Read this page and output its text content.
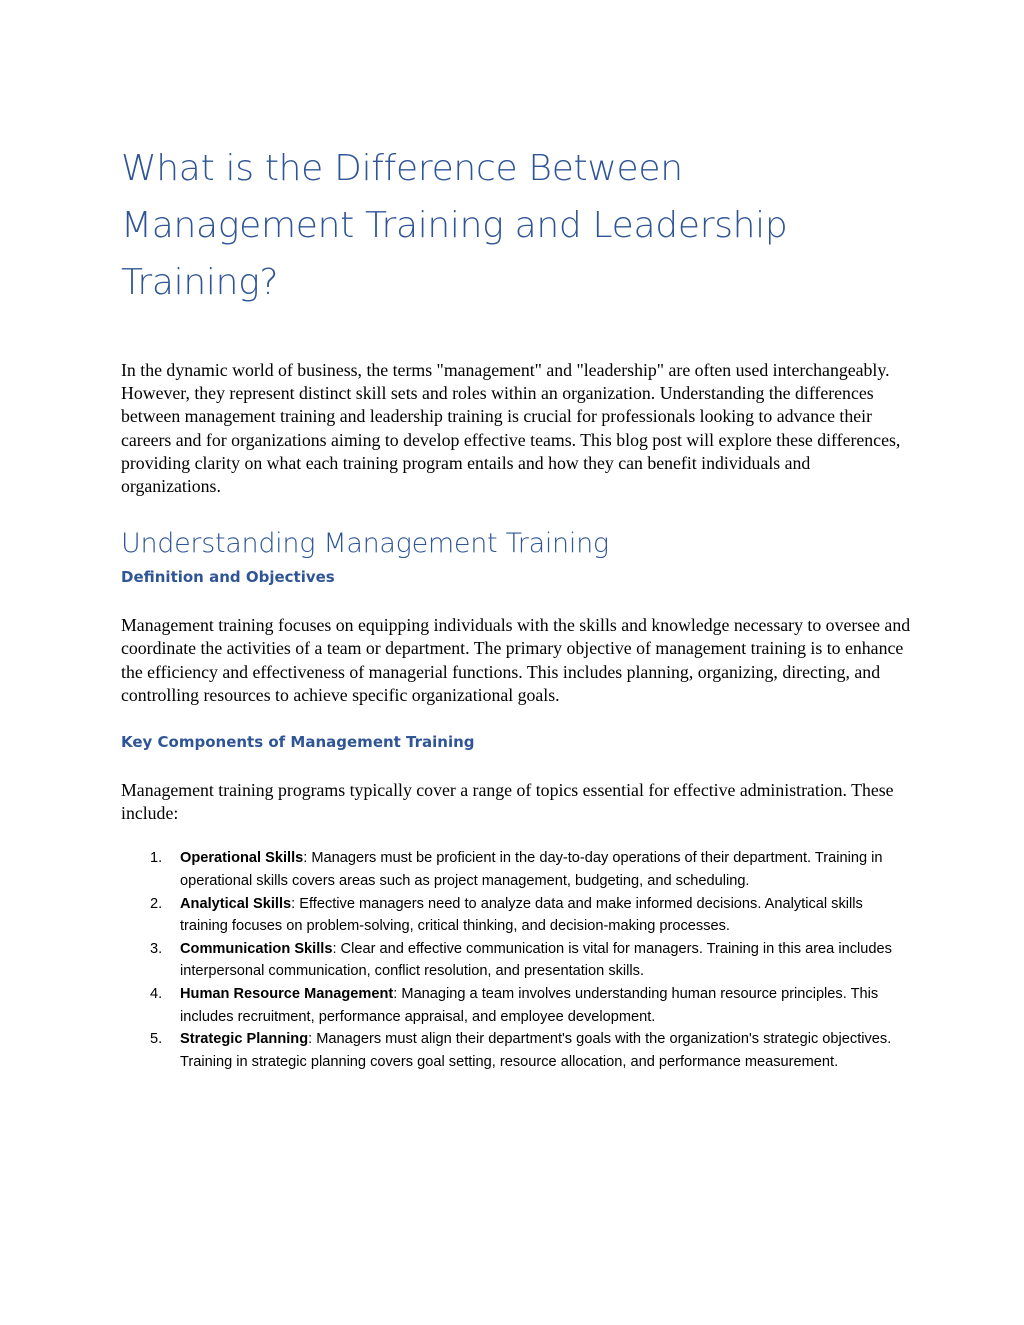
What is the Difference Between Management Training and Leadership Training?

In the dynamic world of business, the terms "management" and "leadership" are often used interchangeably. However, they represent distinct skill sets and roles within an organization. Understanding the differences between management training and leadership training is crucial for professionals looking to advance their careers and for organizations aiming to develop effective teams. This blog post will explore these differences, providing clarity on what each training program entails and how they can benefit individuals and organizations.

Understanding Management Training
Definition and Objectives

Management training focuses on equipping individuals with the skills and knowledge necessary to oversee and coordinate the activities of a team or department. The primary objective of management training is to enhance the efficiency and effectiveness of managerial functions. This includes planning, organizing, directing, and controlling resources to achieve specific organizational goals.

Key Components of Management Training

Management training programs typically cover a range of topics essential for effective administration. These include:

1. Operational Skills: Managers must be proficient in the day-to-day operations of their department. Training in operational skills covers areas such as project management, budgeting, and scheduling.
2. Analytical Skills: Effective managers need to analyze data and make informed decisions. Analytical skills training focuses on problem-solving, critical thinking, and decision-making processes.
3. Communication Skills: Clear and effective communication is vital for managers. Training in this area includes interpersonal communication, conflict resolution, and presentation skills.
4. Human Resource Management: Managing a team involves understanding human resource principles. This includes recruitment, performance appraisal, and employee development.
5. Strategic Planning: Managers must align their department's goals with the organization's strategic objectives. Training in strategic planning covers goal setting, resource allocation, and performance measurement.
